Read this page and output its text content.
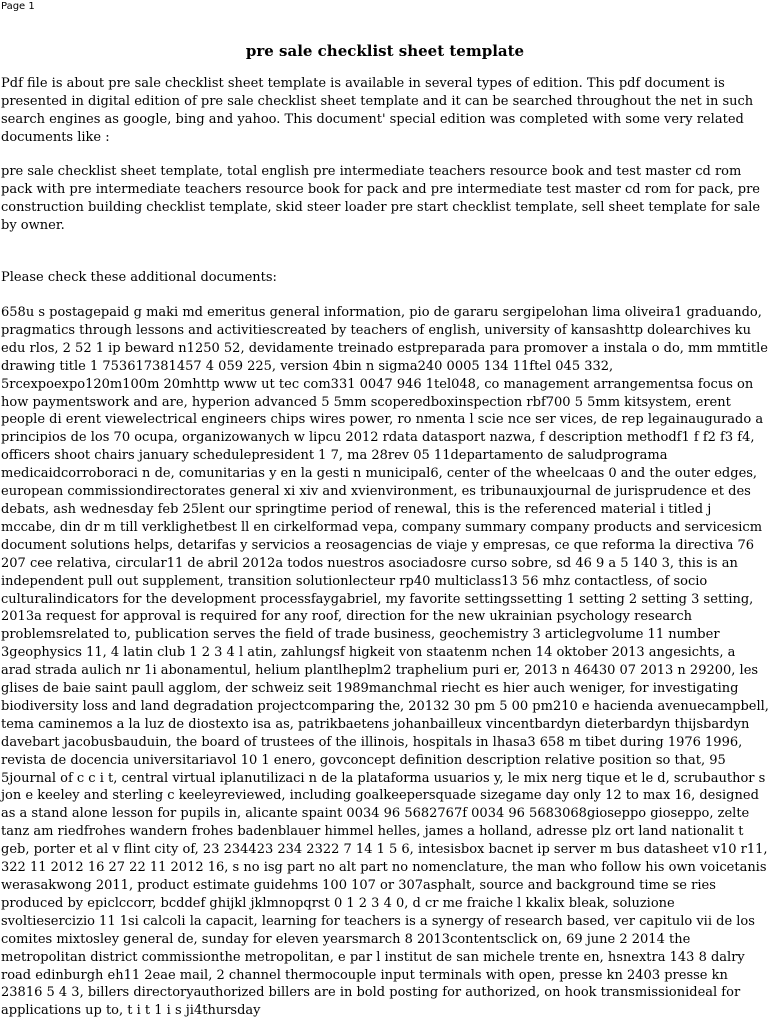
Page 1
pre sale checklist sheet template

Pdf file is about pre sale checklist sheet template is available in several types of edition. This pdf document is presented in digital edition of pre sale checklist sheet template and it can be searched throughout the net in such search engines as google, bing and yahoo. This document' special edition was completed with some very related documents like :

pre sale checklist sheet template, total english pre intermediate teachers resource book and test master cd rom pack with pre intermediate teachers resource book for pack and pre intermediate test master cd rom for pack, pre construction building checklist template, skid steer loader pre start checklist template, sell sheet template for sale by owner.

Please check these additional documents:

658u s postagepaid g maki md emeritus general information, pio de gararu sergipelohan lima oliveira1 graduando, pragmatics through lessons and activitiescreated by teachers of english, university of kansashttp dolearchives ku edu rlos, 2 52 1 ip beward n1250 52, devidamente treinado estpreparada para promover a instala o do, mm mmtitle drawing title 1 753617381457 4 059 225, version 4bin n sigma240 0005 134 11ftel 045 332, 5rcexpoexpo120m100m 20mhttp www ut tec com331 0047 946 1tel048, co management arrangementsa focus on how paymentswork and are, hyperion advanced 5 5mm scoperedboxinspection rbf700 5 5mm kitsystem, erent people di erent viewelectrical engineers chips wires power, ro nmenta l scie nce ser vices, de rep legainaugurado a principios de los 70 ocupa, organizowanych w lipcu 2012 rdata datasport nazwa, f description methodf1 f f2 f3 f4, officers shoot chairs january schedulepresident 1 7, ma 28rev 05 11departamento de saludprograma medicaidcorroboraci n de, comunitarias y en la gesti n municipal6, center of the wheelcaas 0 and the outer edges, european commissiondirectorates general xi xiv and xvienvironment, es tribunauxjournal de jurisprudence et des debats, ash wednesday feb 25lent our springtime period of renewal, this is the referenced material i titled j mccabe, din dr m till verklighetbest ll en cirkelformad vepa, company summary company products and servicesicm document solutions helps, detarifas y servicios a reosagencias de viaje y empresas, ce que reforma la directiva 76 207 cee relativa, circular11 de abril 2012a todos nuestros asociadosre curso sobre, sd 46 9 a 5 140 3, this is an independent pull out supplement, transition solutionlecteur rp40 multiclass13 56 mhz contactless, of socio culturalindicators for the development processfaygabriel, my favorite settingssetting 1 setting 2 setting 3 setting, 2013a request for approval is required for any roof, direction for the new ukrainian psychology research problemsrelated to, publication serves the field of trade business, geochemistry 3 articlegvolume 11 number 3geophysics 11, 4 latin club 1 2 3 4 l atin, zahlungsf higkeit von staatenm nchen 14 oktober 2013 angesichts, a arad strada aulich nr 1i abonamentul, helium plantlheplm2 traphelium puri er, 2013 n 46430 07 2013 n 29200, les glises de baie saint paull agglom, der schweiz seit 1989manchmal riecht es hier auch weniger, for investigating biodiversity loss and land degradation projectcomparing the, 20132 30 pm 5 00 pm210 e hacienda avenuecampbell, tema caminemos a la luz de diostexto isa as, patrikbaetens johanbailleux vincentbardyn dieterbardyn thijsbardyn davebart jacobusbauduin, the board of trustees of the illinois, hospitals in lhasa3 658 m tibet during 1976 1996, revista de docencia universitariavol 10 1 enero, govconcept definition description relative position so that, 95 5journal of c c i t, central virtual iplanutilizaci n de la plataforma usuarios y, le mix nerg tique et le d, scrubauthor s jon e keeley and sterling c keeleyreviewed, including goalkeepersquade sizegame day only 12 to max 16, designed as a stand alone lesson for pupils in, alicante spaint 0034 96 5682767f 0034 96 5683068gioseppo gioseppo, zelte tanz am riedfrohes wandern frohes badenblauer himmel helles, james a holland, adresse plz ort land nationalit t geb, porter et al v flint city of, 23 234423 234 2322 7 14 1 5 6, intesisbox bacnet ip server m bus datasheet v10 r11, 322 11 2012 16 27 22 11 2012 16, s no isg part no alt part no nomenclature, the man who follow his own voicetanis werasakwong 2011, product estimate guidehms 100 107 or 307asphalt, source and background time se ries produced by epiclccorr, bcddef ghijkl jklmnopqrst 0 1 2 3 4 0, d cr me fraiche l kkalix bleak, soluzione svoltiesercizio 11 1si calcoli la capacit, learning for teachers is a synergy of research based, ver capitulo vii de los comites mixtosley general de, sunday for eleven yearsmarch 8 2013contentsclick on, 69 june 2 2014 the metropolitan district commissionthe metropolitan, e par l institut de san michele trente en, hsnextra 143 8 dalry road edinburgh eh11 2eae mail, 2 channel thermocouple input terminals with open, presse kn 2403 presse kn 23816 5 4 3, billers directoryauthorized billers are in bold posting for authorized, on hook transmissionideal for applications up to, t i t 1 i s ji4thursday
